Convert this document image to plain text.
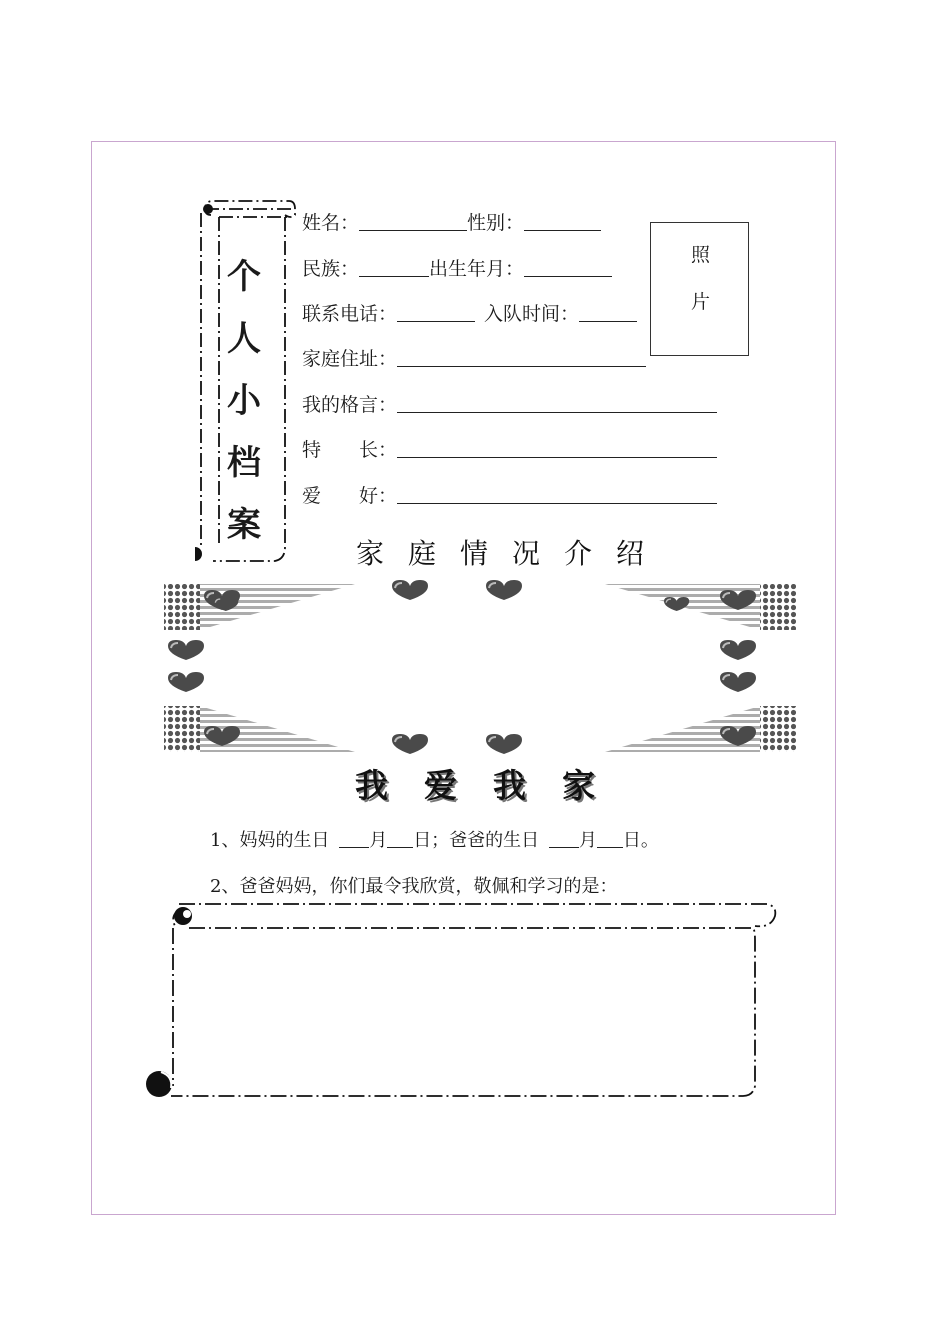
个
人
小
档
案
姓名：	性别：
民族：	出生年月：
联系电话：	入队时间：
家庭住址：
我的格言：
特　　长：
爱　　好：
照
片
家庭情况介绍
我爱我家
1、妈妈的生日 月 日；爸爸的生日 月 日。
2、爸爸妈妈，你们最令我欣赏，敬佩和学习的是：
